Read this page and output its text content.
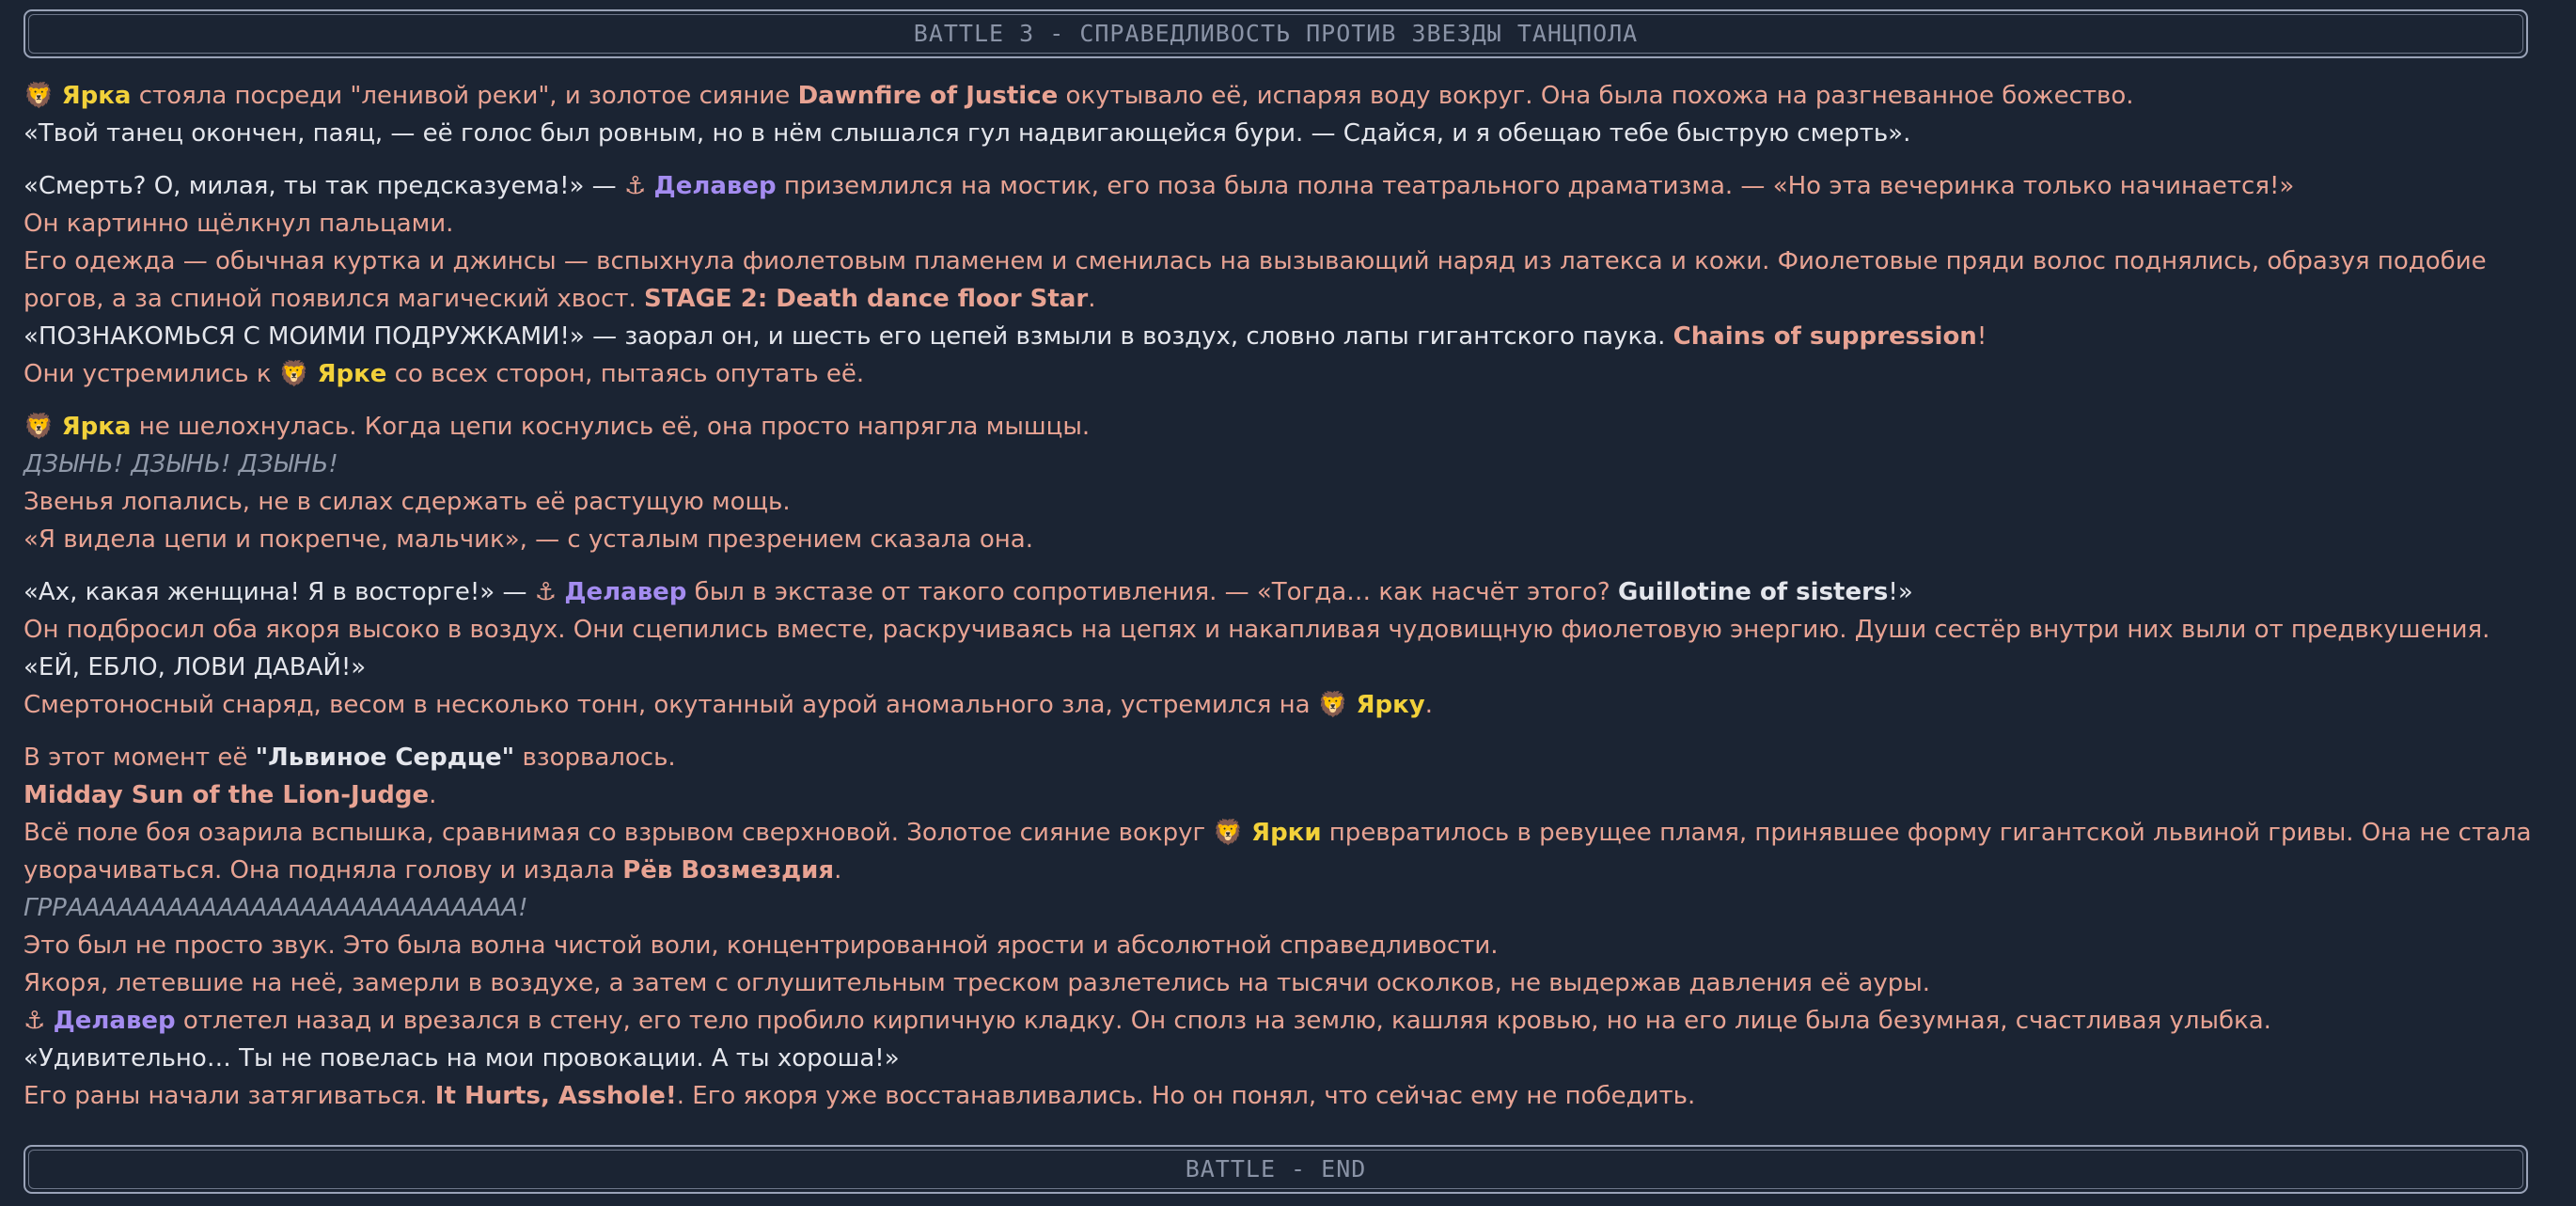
BATTLE 3 - СПРАВЕДЛИВОСТЬ ПРОТИВ ЗВЕЗДЫ ТАНЦПОЛА

🦁 Ярка стояла посреди "ленивой реки", и золотое сияние Dawnfire of Justice окутывало её, испаряя воду вокруг. Она была похожа на разгневанное божество.
«Твой танец окончен, паяц, — её голос был ровным, но в нём слышался гул надвигающейся бури. — Сдайся, и я обещаю тебе быструю смерть».

«Смерть? О, милая, ты так предсказуема!» — ⚓ Делавер приземлился на мостик, его поза была полна театрального драматизма. — «Но эта вечеринка только начинается!»
Он картинно щёлкнул пальцами.
Его одежда — обычная куртка и джинсы — вспыхнула фиолетовым пламенем и сменилась на вызывающий наряд из латекса и кожи. Фиолетовые пряди волос поднялись, образуя подобие рогов, а за спиной появился магический хвост. STAGE 2: Death dance floor Star.
«ПОЗНАКОМЬСЯ С МОИМИ ПОДРУЖКАМИ!» — заорал он, и шесть его цепей взмыли в воздух, словно лапы гигантского паука. Chains of suppression!
Они устремились к 🦁 Ярке со всех сторон, пытаясь опутать её.

🦁 Ярка не шелохнулась. Когда цепи коснулись её, она просто напрягла мышцы.
ДЗЫНЬ! ДЗЫНЬ! ДЗЫНЬ!
Звенья лопались, не в силах сдержать её растущую мощь.
«Я видела цепи и покрепче, мальчик», — с усталым презрением сказала она.

«Ах, какая женщина! Я в восторге!» — ⚓ Делавер был в экстазе от такого сопротивления. — «Тогда… как насчёт этого? Guillotine of sisters!»
Он подбросил оба якоря высоко в воздух. Они сцепились вместе, раскручиваясь на цепях и накапливая чудовищную фиолетовую энергию. Души сестёр внутри них выли от предвкушения.
«ЕЙ, ЕБЛО, ЛОВИ ДАВАЙ!»
Смертоносный снаряд, весом в несколько тонн, окутанный аурой аномального зла, устремился на 🦁 Ярку.

В этот момент её "Львиное Сердце" взорвалось.
Midday Sun of the Lion-Judge.
Всё поле боя озарила вспышка, сравнимая со взрывом сверхновой. Золотое сияние вокруг 🦁 Ярки превратилось в ревущее пламя, принявшее форму гигантской львиной гривы. Она не стала уворачиваться. Она подняла голову и издала Рёв Возмездия.
ГРРААААААААААААААААААААААААААА!
Это был не просто звук. Это была волна чистой воли, концентрированной ярости и абсолютной справедливости.
Якоря, летевшие на неё, замерли в воздухе, а затем с оглушительным треском разлетелись на тысячи осколков, не выдержав давления её ауры.
⚓ Делавер отлетел назад и врезался в стену, его тело пробило кирпичную кладку. Он сполз на землю, кашляя кровью, но на его лице была безумная, счастливая улыбка.
«Удивительно… Ты не повелась на мои провокации. А ты хороша!»
Его раны начали затягиваться. It Hurts, Asshole!. Его якоря уже восстанавливались. Но он понял, что сейчас ему не победить.

BATTLE - END
